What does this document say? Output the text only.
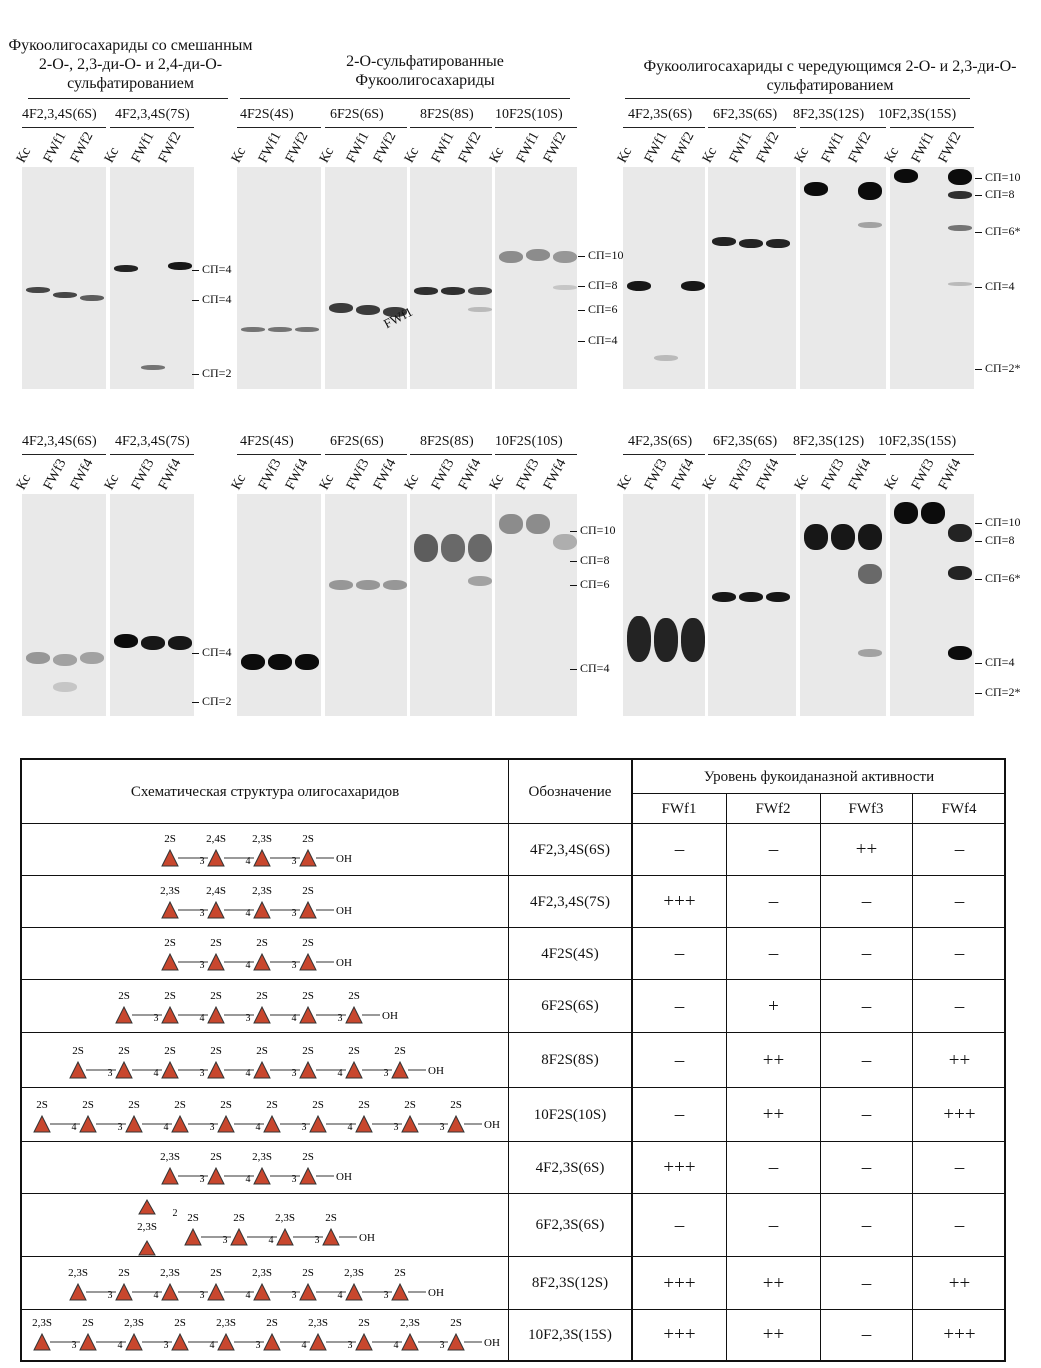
Фукоолигосахариды со смешанным 2-О-, 2,3-ди-О- и 2,4-ди-О-сульфатированием
2-О-сульфатированные Фукоолигосахариды
Фукоолигосахариды с чередующимся 2-О- и 2,3-ди-О-сульфатированием
4F2,3,4S(6S)
Кс FWf1
FWf2
4F2,3,4S(7S)
Кс FWf1
FWf2
4F2S(4S)
Кс FWf1
FWf2
6F2S(6S)
Кс FWf1
FWf2
8F2S(8S)
Кс FWf1
FWf2
10F2S(10S)
Кс FWf1
FWf2
4F2,3S(6S)
Кс FWf1
FWf2
6F2,3S(6S)
Кс FWf1
FWf2
8F2,3S(12S)
Кс FWf1
FWf2
10F2,3S(15S)
Кс FWf1
FWf2
СП=4
СП=4
СП=2
СП=10
СП=8
СП=6
СП=4
СП=10
СП=8
СП=6*
СП=4
СП=2*
4F2,3,4S(6S)
Кс FWf3
FWf4
4F2,3,4S(7S)
Кс FWf3
FWf4
4F2S(4S)
Кс FWf3
FWf4
6F2S(6S)
Кс FWf3
FWf4
8F2S(8S)
Кс FWf3
FWf4
10F2S(10S)
Кс FWf3
FWf4
4F2,3S(6S)
Кс FWf3
FWf4
6F2,3S(6S)
Кс FWf3
FWf4
8F2,3S(12S)
Кс FWf3
FWf4
10F2,3S(15S)
Кс FWf3
FWf4
СП=4
СП=2
СП=10
СП=8
СП=6
СП=4
СП=10
СП=8
СП=6*
СП=4
СП=2*
FWf1
Схематическая структура олигосахаридов	Обозначение
Уровень фукоиданазной активности
FWf1	FWf2	FWf3	FWf4
4F2,3,4S(6S)	–	–	++	–
2S
3
2,4S
4
2,3S
3
2S
OH
4F2,3,4S(7S)	+++	–	–	–
2,3S
3
2,4S
4
2,3S
3
2S
OH
4F2S(4S)	–	–	–	–
2S
3
2S
4
2S
3
2S
OH
6F2S(6S)	–	+	–	–
2S
3
2S
4
2S
3
2S
4
2S
3
2S
OH
8F2S(8S)	–	++	–	++
2S
3
2S
4
2S
3
2S
4
2S
3
2S
4
2S
3
2S
OH
10F2S(10S)	–	++	–	+++
2S
4
2S
3
2S
4
2S
3
2S
4
2S
3
2S
4
2S
3
2S
3
2S
OH
4F2,3S(6S)	+++	–	–	–
2,3S
3
2S
4
2,3S
3
2S
OH
6F2,3S(6S)	–	–	–	–
2
2,3S
2S
3
2S
4
2,3S
3
2S
OH
8F2,3S(12S)	+++	++	–	++
2,3S
3
2S
4
2,3S
3
2S
4
2,3S
3
2S
4
2,3S
3
2S
OH
10F2,3S(15S)	+++	++	–	+++
2,3S
3
2S
4
2,3S
3
2S
4
2,3S
3
2S
4
2,3S
3
2S
4
2,3S
3
2S
OH
